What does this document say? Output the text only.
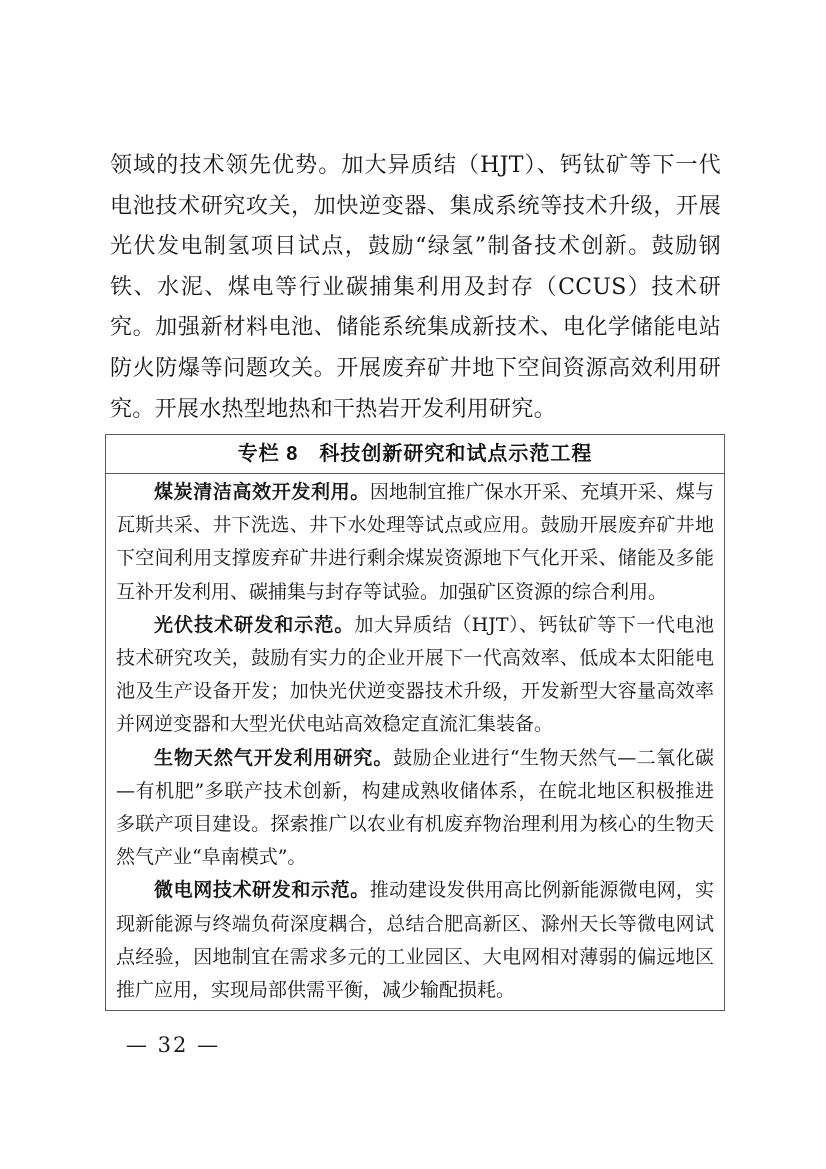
领域的技术领先优势。加大异质结（HJT）、钙钛矿等下一代电池技术研究攻关，加快逆变器、集成系统等技术升级，开展光伏发电制氢项目试点，鼓励“绿氢”制备技术创新。鼓励钢铁、水泥、煤电等行业碳捕集利用及封存（CCUS）技术研究。加强新材料电池、储能系统集成新技术、电化学储能电站防火防爆等问题攻关。开展废弃矿井地下空间资源高效利用研究。开展水热型地热和干热岩开发利用研究。

专栏 8　科技创新研究和试点示范工程

煤炭清洁高效开发利用。因地制宜推广保水开采、充填开采、煤与瓦斯共采、井下洗选、井下水处理等试点或应用。鼓励开展废弃矿井地下空间利用支撑废弃矿井进行剩余煤炭资源地下气化开采、储能及多能互补开发利用、碳捕集与封存等试验。加强矿区资源的综合利用。

光伏技术研发和示范。加大异质结（HJT）、钙钛矿等下一代电池技术研究攻关，鼓励有实力的企业开展下一代高效率、低成本太阳能电池及生产设备开发；加快光伏逆变器技术升级，开发新型大容量高效率并网逆变器和大型光伏电站高效稳定直流汇集装备。

生物天然气开发利用研究。鼓励企业进行“生物天然气—二氧化碳—有机肥”多联产技术创新，构建成熟收储体系，在皖北地区积极推进多联产项目建设。探索推广以农业有机废弃物治理利用为核心的生物天然气产业“阜南模式”。

微电网技术研发和示范。推动建设发供用高比例新能源微电网，实现新能源与终端负荷深度耦合，总结合肥高新区、滁州天长等微电网试点经验，因地制宜在需求多元的工业园区、大电网相对薄弱的偏远地区推广应用，实现局部供需平衡，减少输配损耗。

— 32 —
